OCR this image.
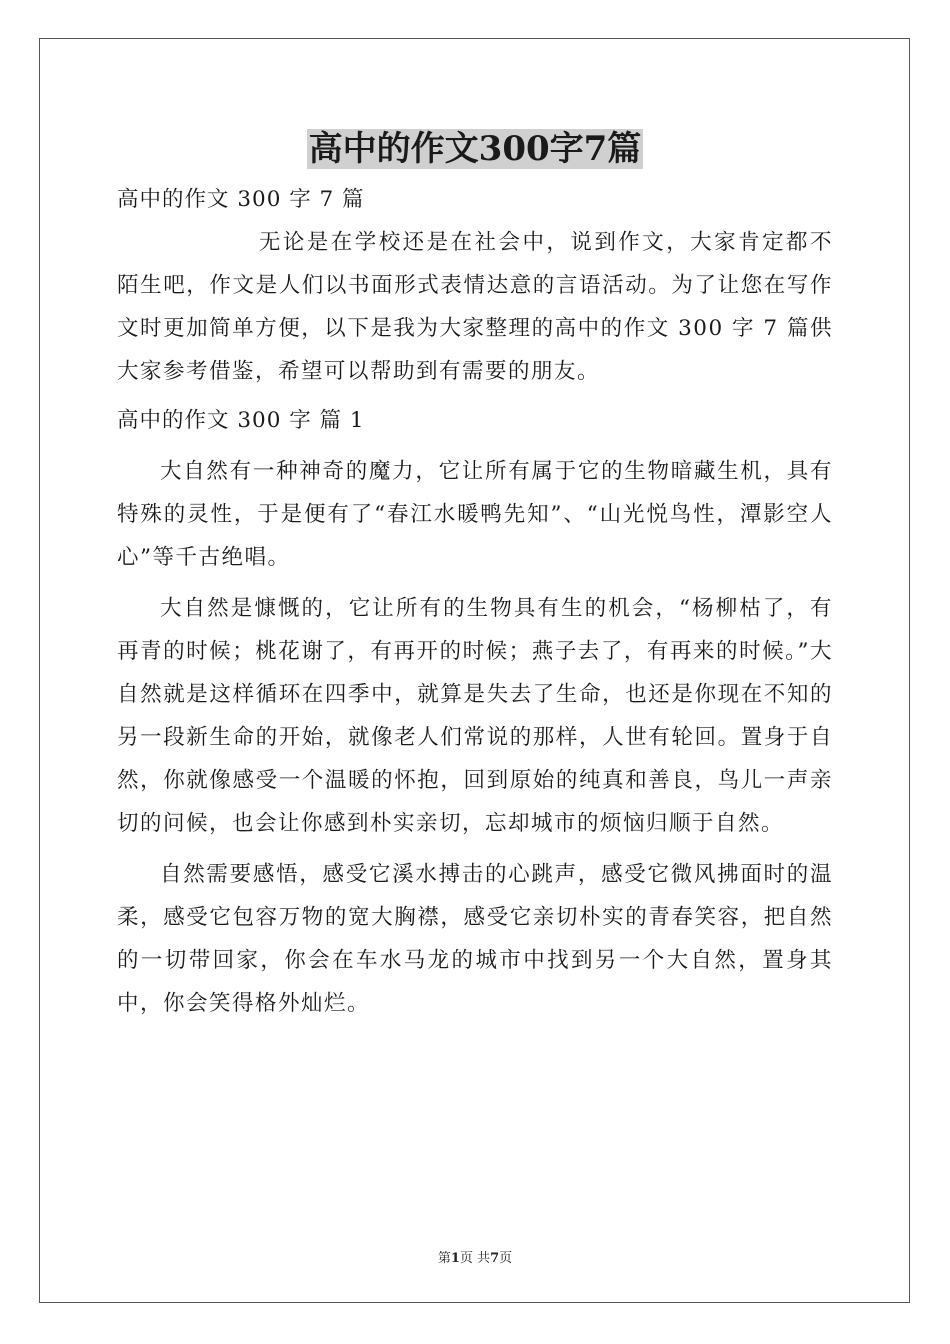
高中的作文300字7篇

高中的作文 300 字 7 篇

无论是在学校还是在社会中，说到作文，大家肯定都不陌生吧，作文是人们以书面形式表情达意的言语活动。为了让您在写作文时更加简单方便，以下是我为大家整理的高中的作文 300 字 7 篇供大家参考借鉴，希望可以帮助到有需要的朋友。

高中的作文 300 字 篇 1

大自然有一种神奇的魔力，它让所有属于它的生物暗藏生机，具有特殊的灵性，于是便有了“春江水暖鸭先知”、“山光悦鸟性，潭影空人心”等千古绝唱。

大自然是慷慨的，它让所有的生物具有生的机会，“杨柳枯了，有再青的时候；桃花谢了，有再开的时候；燕子去了，有再来的时候。”大自然就是这样循环在四季中，就算是失去了生命，也还是你现在不知的另一段新生命的开始，就像老人们常说的那样，人世有轮回。置身于自然，你就像感受一个温暖的怀抱，回到原始的纯真和善良，鸟儿一声亲切的问候，也会让你感到朴实亲切，忘却城市的烦恼归顺于自然。

自然需要感悟，感受它溪水搏击的心跳声，感受它微风拂面时的温柔，感受它包容万物的宽大胸襟，感受它亲切朴实的青春笑容，把自然的一切带回家，你会在车水马龙的城市中找到另一个大自然，置身其中，你会笑得格外灿烂。

第1页 共7页
